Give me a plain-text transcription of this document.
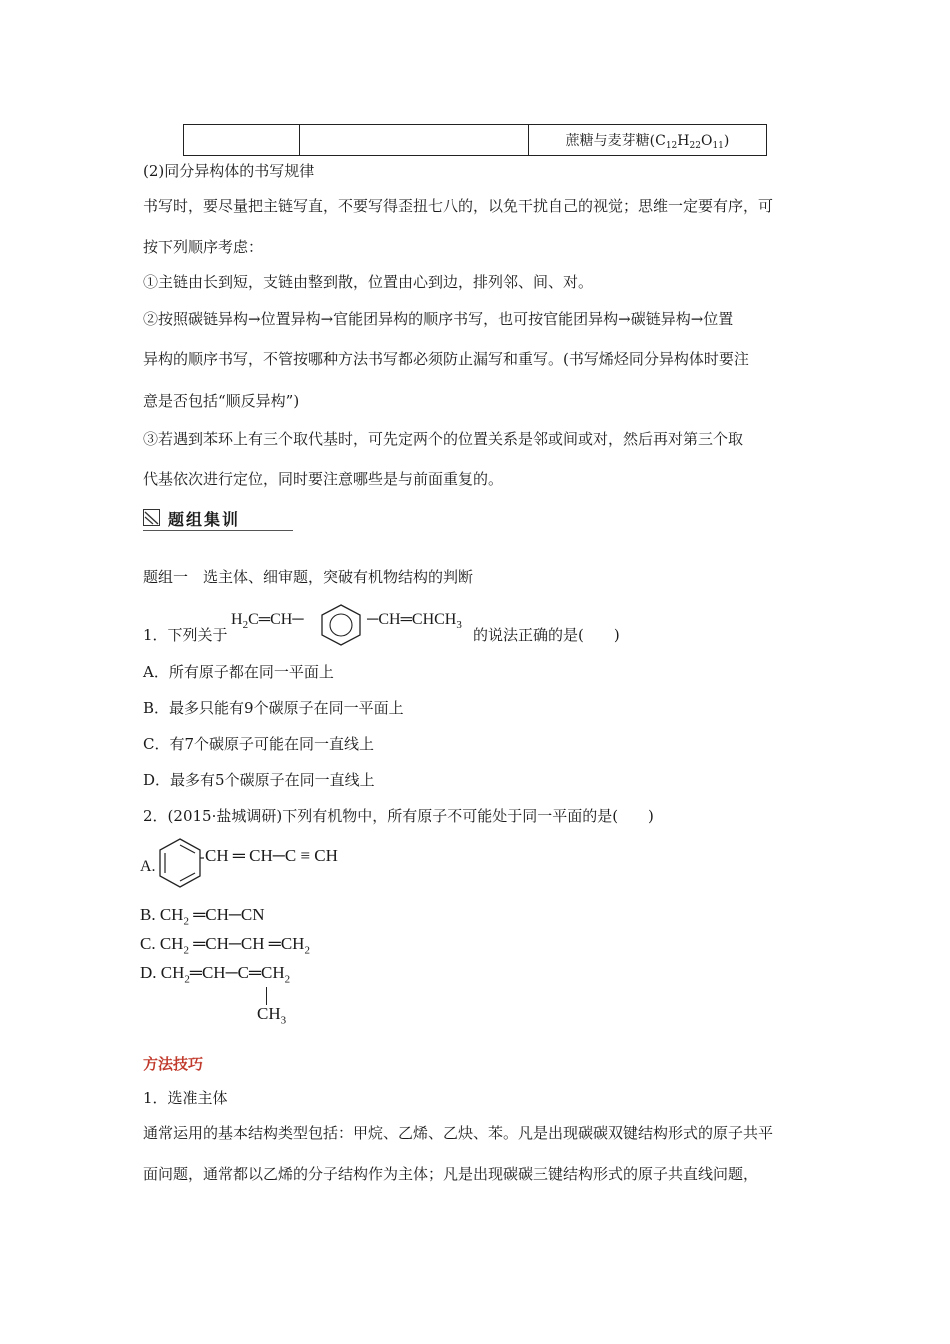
		蔗糖与麦芽糖$(C_{12}H_{22}O_{11})$
(2)同分异构体的书写规律
书写时，要尽量把主链写直，不要写得歪扭七八的，以免干扰自己的视觉；思维一定要有序，可
按下列顺序考虑：
①主链由长到短，支链由整到散，位置由心到边，排列邻、间、对。
②按照碳链异构→位置异构→官能团异构的顺序书写，也可按官能团异构→碳链异构→位置
异构的顺序书写，不管按哪种方法书写都必须防止漏写和重写。(书写烯烃同分异构体时要注
意是否包括“顺反异构”)
③若遇到苯环上有三个取代基时，可先定两个的位置关系是邻或间或对，然后再对第三个取
代基依次进行定位，同时要注意哪些是与前面重复的。
题组集训
题组一　选主体、细审题，突破有机物结构的判断
1．下列关于
$H_2C═CH─$	$─CH═CHCH_3$
的说法正确的是(　　)
A．所有原子都在同一平面上
B．最多只能有9个碳原子在同一平面上
C．有7个碳原子可能在同一直线上
D．最多有5个碳原子在同一直线上
2．(2015·盐城调研)下列有机物中，所有原子不可能处于同一平面的是(　　)
A.
CH ═ CH─C ≡ CH
B. $CH_2$ ═CH─CN
C. $CH_2$ ═CH─CH $═CH_2$
D. $CH_2═CH─C═CH_2$
$CH_3$
方法技巧
1．选准主体
通常运用的基本结构类型包括：甲烷、乙烯、乙炔、苯。凡是出现碳碳双键结构形式的原子共平
面问题，通常都以乙烯的分子结构作为主体；凡是出现碳碳三键结构形式的原子共直线问题，
